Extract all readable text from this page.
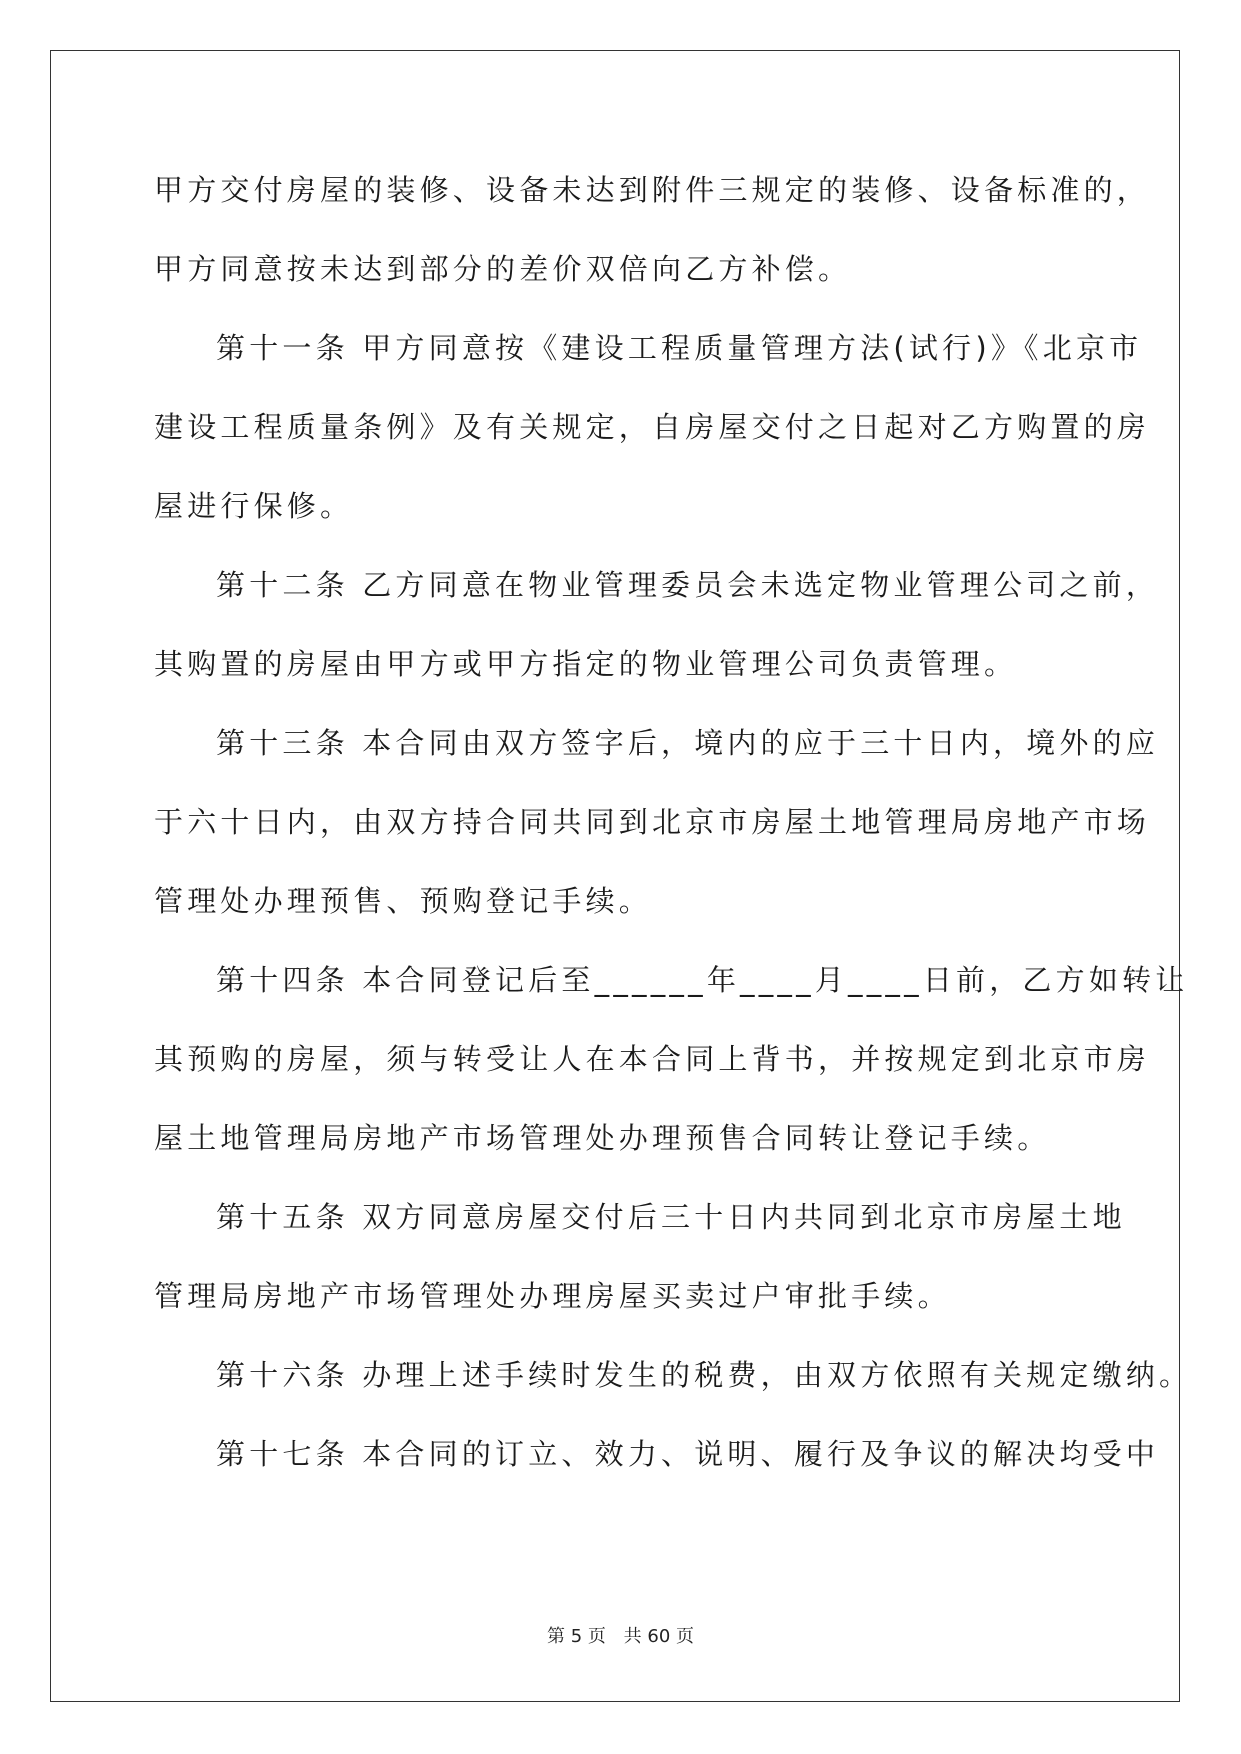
甲方交付房屋的装修、设备未达到附件三规定的装修、设备标准的，
甲方同意按未达到部分的差价双倍向乙方补偿。
第十一条 甲方同意按《建设工程质量管理方法(试行)》《北京市
建设工程质量条例》及有关规定，自房屋交付之日起对乙方购置的房
屋进行保修。
第十二条 乙方同意在物业管理委员会未选定物业管理公司之前，
其购置的房屋由甲方或甲方指定的物业管理公司负责管理。
第十三条 本合同由双方签字后，境内的应于三十日内，境外的应
于六十日内，由双方持合同共同到北京市房屋土地管理局房地产市场
管理处办理预售、预购登记手续。
第十四条 本合同登记后至______年____月____日前，乙方如转让
其预购的房屋，须与转受让人在本合同上背书，并按规定到北京市房
屋土地管理局房地产市场管理处办理预售合同转让登记手续。
第十五条 双方同意房屋交付后三十日内共同到北京市房屋土地
管理局房地产市场管理处办理房屋买卖过户审批手续。
第十六条 办理上述手续时发生的税费，由双方依照有关规定缴纳。
第十七条 本合同的订立、效力、说明、履行及争议的解决均受中
第 5 页 共 60 页
